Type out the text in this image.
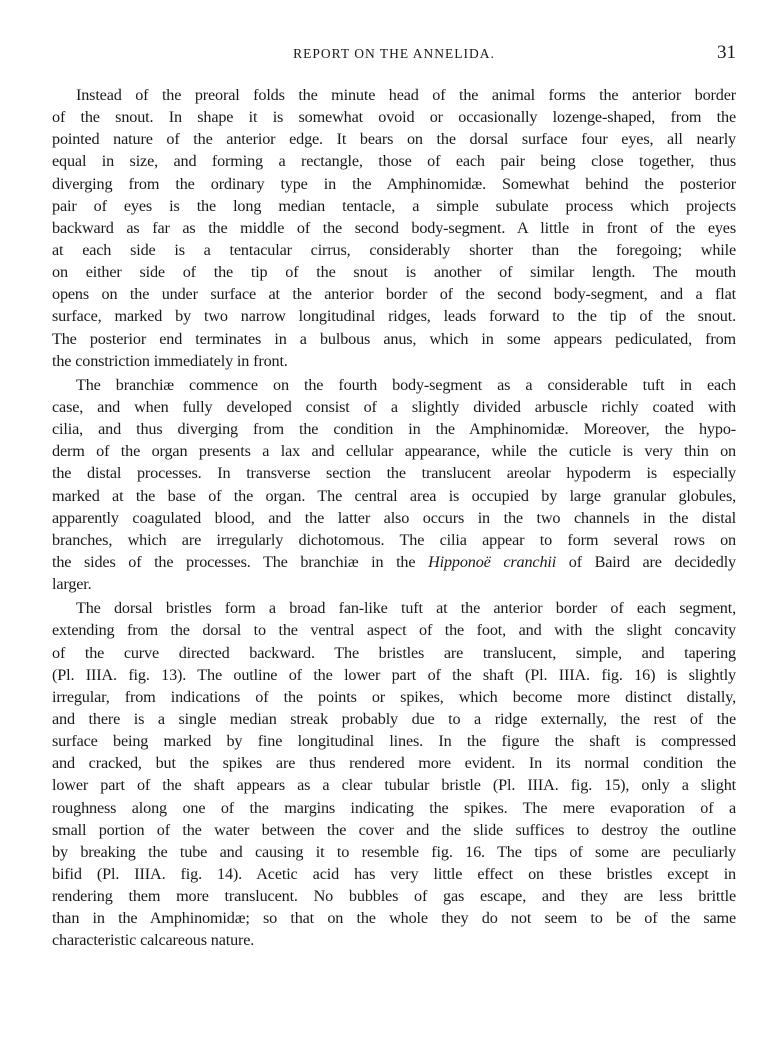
REPORT ON THE ANNELIDA.	31
Instead of the preoral folds the minute head of the animal forms the anterior border
of the snout. In shape it is somewhat ovoid or occasionally lozenge-shaped, from the
pointed nature of the anterior edge. It bears on the dorsal surface four eyes, all nearly
equal in size, and forming a rectangle, those of each pair being close together, thus
diverging from the ordinary type in the Amphinomidæ. Somewhat behind the posterior
pair of eyes is the long median tentacle, a simple subulate process which projects
backward as far as the middle of the second body-segment. A little in front of the eyes
at each side is a tentacular cirrus, considerably shorter than the foregoing; while
on either side of the tip of the snout is another of similar length. The mouth
opens on the under surface at the anterior border of the second body-segment, and a flat
surface, marked by two narrow longitudinal ridges, leads forward to the tip of the snout.
The posterior end terminates in a bulbous anus, which in some appears pediculated, from
the constriction immediately in front.
The branchiæ commence on the fourth body-segment as a considerable tuft in each
case, and when fully developed consist of a slightly divided arbuscle richly coated with
cilia, and thus diverging from the condition in the Amphinomidæ. Moreover, the hypo-
derm of the organ presents a lax and cellular appearance, while the cuticle is very thin on
the distal processes. In transverse section the translucent areolar hypoderm is especially
marked at the base of the organ. The central area is occupied by large granular globules,
apparently coagulated blood, and the latter also occurs in the two channels in the distal
branches, which are irregularly dichotomous. The cilia appear to form several rows on
the sides of the processes. The branchiæ in the Hipponoë cranchii of Baird are decidedly
larger.
The dorsal bristles form a broad fan-like tuft at the anterior border of each segment,
extending from the dorsal to the ventral aspect of the foot, and with the slight concavity
of the curve directed backward. The bristles are translucent, simple, and tapering
(Pl. IIIA. fig. 13). The outline of the lower part of the shaft (Pl. IIIA. fig. 16) is slightly
irregular, from indications of the points or spikes, which become more distinct distally,
and there is a single median streak probably due to a ridge externally, the rest of the
surface being marked by fine longitudinal lines. In the figure the shaft is compressed
and cracked, but the spikes are thus rendered more evident. In its normal condition the
lower part of the shaft appears as a clear tubular bristle (Pl. IIIA. fig. 15), only a slight
roughness along one of the margins indicating the spikes. The mere evaporation of a
small portion of the water between the cover and the slide suffices to destroy the outline
by breaking the tube and causing it to resemble fig. 16. The tips of some are peculiarly
bifid (Pl. IIIA. fig. 14). Acetic acid has very little effect on these bristles except in
rendering them more translucent. No bubbles of gas escape, and they are less brittle
than in the Amphinomidæ; so that on the whole they do not seem to be of the same
characteristic calcareous nature.
